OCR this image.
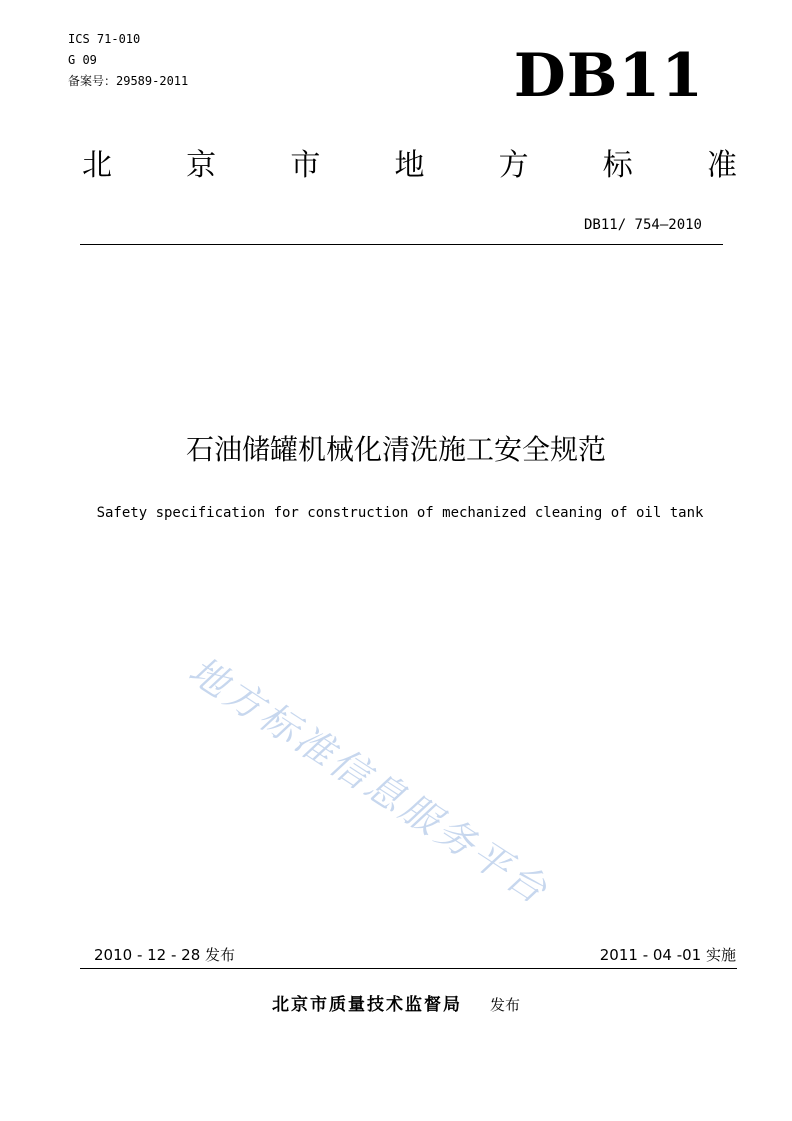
ICS 71-010
G 09
备案号：29589-2011	DB11
北 京 市 地 方 标 准
DB11/ 754—2010
石油储罐机械化清洗施工安全规范
Safety specification for construction of mechanized cleaning of oil tank
地方标准信息服务平台
2010 - 12 - 28 发布	2011 - 04 -01 实施
北京市质量技术监督局 发布
